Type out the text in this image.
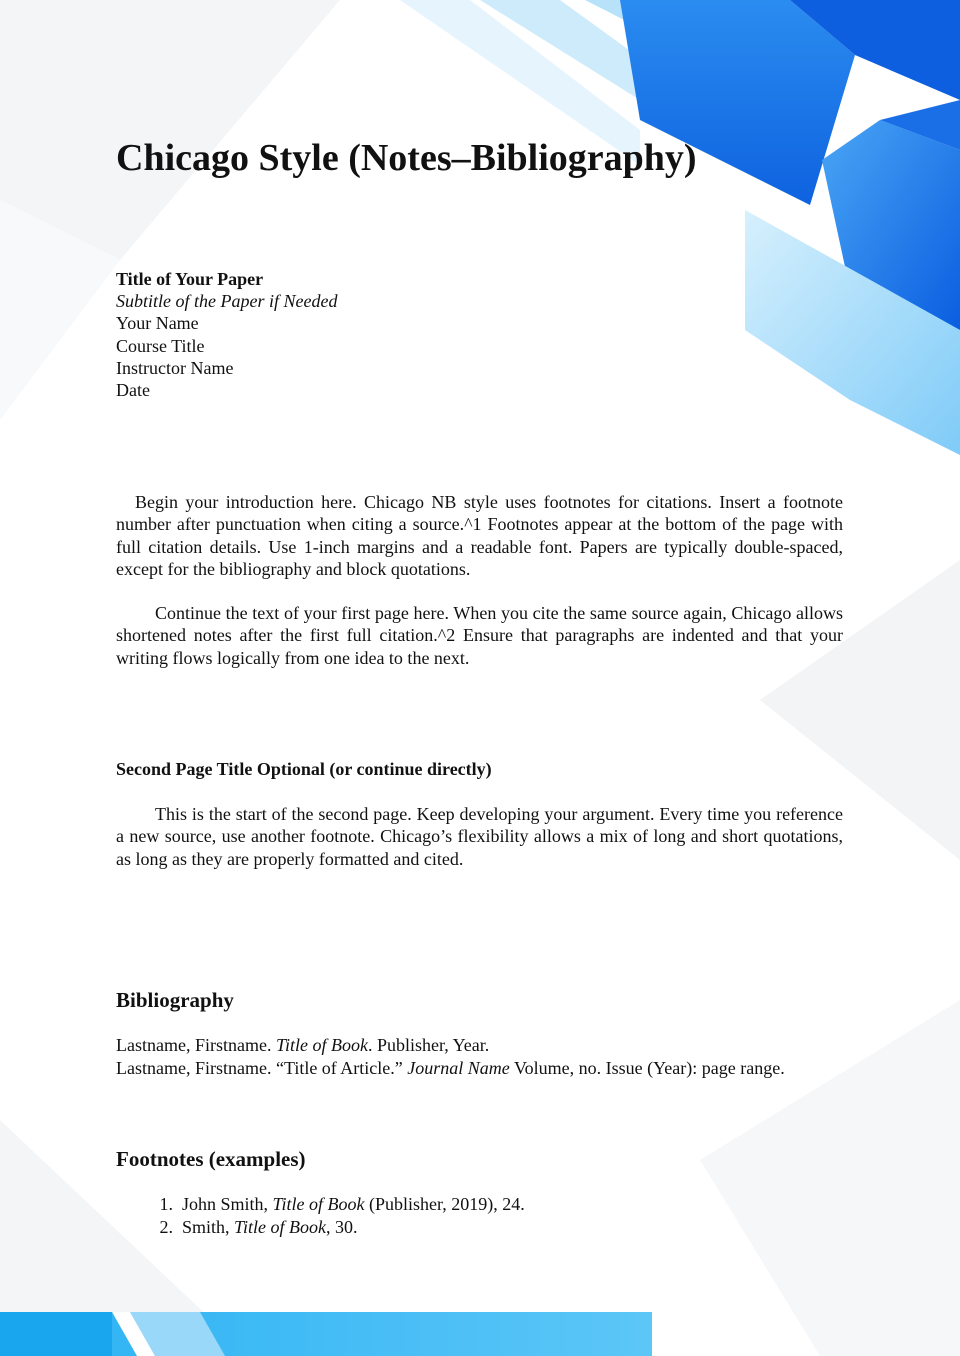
Chicago Style (Notes–Bibliography)
Title of Your Paper
Subtitle of the Paper if Needed
Your Name
Course Title
Instructor Name
Date

Begin your introduction here. Chicago NB style uses footnotes for citations. Insert a footnote number after punctuation when citing a source.^1 Footnotes appear at the bottom of the page with full citation details. Use 1-inch margins and a readable font. Papers are typically double-spaced, except for the bibliography and block quotations.

Continue the text of your first page here. When you cite the same source again, Chicago allows shortened notes after the first full citation.^2 Ensure that paragraphs are indented and that your writing flows logically from one idea to the next.

Second Page Title Optional (or continue directly)

This is the start of the second page. Keep developing your argument. Every time you reference a new source, use another footnote. Chicago’s flexibility allows a mix of long and short quotations, as long as they are properly formatted and cited.

Bibliography
Lastname, Firstname. Title of Book. Publisher, Year.
Lastname, Firstname. “Title of Article.” Journal Name Volume, no. Issue (Year): page range.
Footnotes (examples)
1. John Smith, Title of Book (Publisher, 2019), 24.
2. Smith, Title of Book, 30.
